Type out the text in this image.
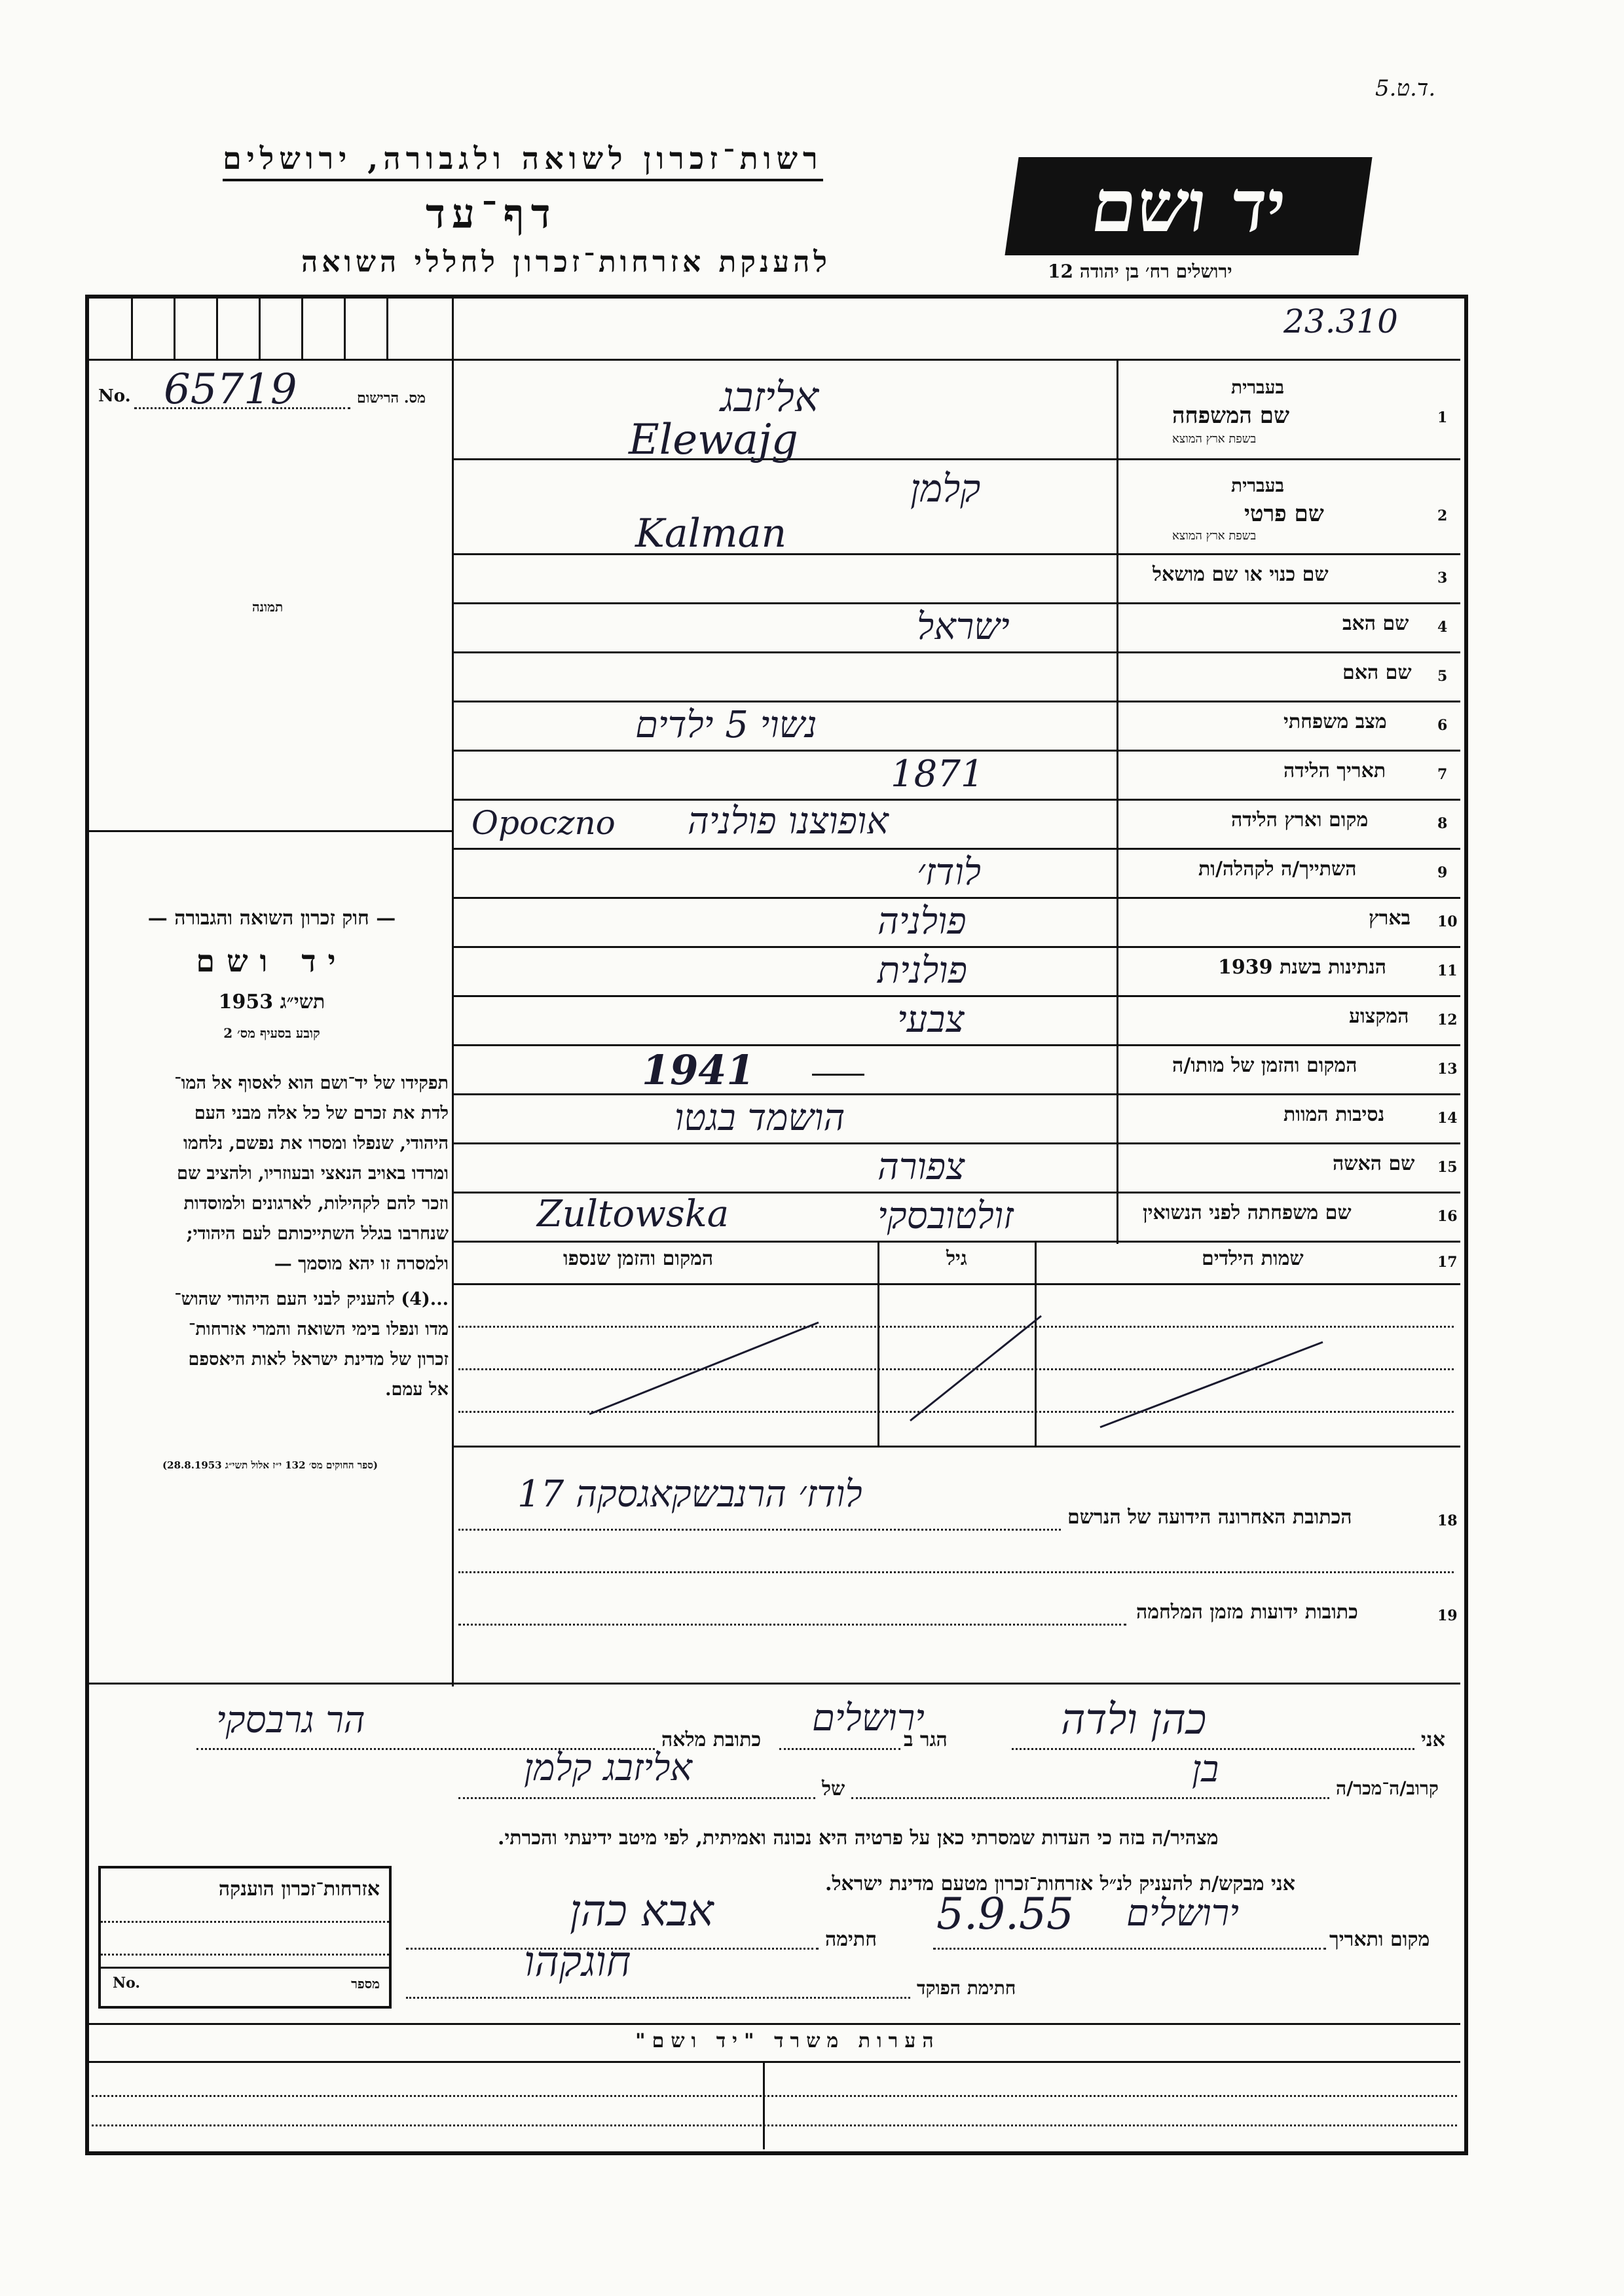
5.ד.ט.
רשות־זכרון לשואה ולגבורה, ירושלים
דף־עד
להענקת אזרחות־זכרון לחללי השואה
יד ושם
ירושלים רח׳ בן יהודה 12
23.310
No. 65719	מס. הרישום
תמונה
— חוק זכרון השואה והגבורה —
יד ושם
תשי״ג 1953
קובע בסעיף מס׳ 2
תפקידו של יד־ושם הוא לאסוף אל המו־
לדת את זכרם של כל אלה מבני העם
היהודי, שנפלו ומסרו את נפשם, נלחמו
ומרדו באויב הנאצי ובעוזריו, ולהציב שם
וזכר להם לקהילות, לארגונים ולמוסדות
שנחרבו בגלל השתייכותם לעם היהודי;
ולמסרה זו יהא מוסמך —
...(4) להעניק לבני העם היהודי שהוש־
מדו ונפלו בימי השואה והמרי אזרחות־
זכרון של מדינת ישראל לאות היאספם
אל עמם.
(ספר החוקים מס׳ 132 י״ז אלול תשי״ג 28.8.1953)
1
שם המשפחה
בעברית
בשפת ארץ המוצא
אליזבג
Elewajg
2
שם פרטי
בעברית
בשפת ארץ המוצא
קלמן
Kalman
3
שם כנוי או שם מושאל
4
שם האב
ישראל
5
שם האם
6
מצב משפחתי
נשוי 5 ילדים
7
תאריך הלידה
1871
8
מקום וארץ הלידה
אופוצנו פולניה
Opoczno
9
השתייך/ה לקהלה/ות
לודז׳
10
בארץ
פולניה
11
הנתינות בשנת 1939
פולנית
12
המקצוע
צבעי
13
המקום והזמן של מותו/ה
1941
14
נסיבות המוות
הושמד בגטו
15
שם האשה
צפורה
16
שם משפחתה לפני הנשואין
זולטובסקי
Zultowska
17
שמות הילדים
גיל
המקום והזמן שנספו
18
הכתובת האחרונה הידועה של הנרשם
לודז׳ הרנבשקאגסקה 17
19
כתובות ידועות מזמן המלחמה
אני
כהן ולדה
הגר ב
ירושלים
כתובת מלאה
הר גרבסקי
קרוב/ה־מכר/ה
בן
של
אליזבג קלמן
מצהיר/ה בזה כי העדות שמסרתי כאן על פרטיה היא נכונה ואמיתית, לפי מיטב ידיעתי והכרתי.
אני מבקש/ת להעניק לנ״ל אזרחות־זכרון מטעם מדינת ישראל.
מקום ותאריך
ירושלים
5.9.55
חתימה
אבא כהן
חתימת הפוקד
חוגקהו
אזרחות־זכרון הוענקה
No.	מספר
הערות משרד "יד ושם"
